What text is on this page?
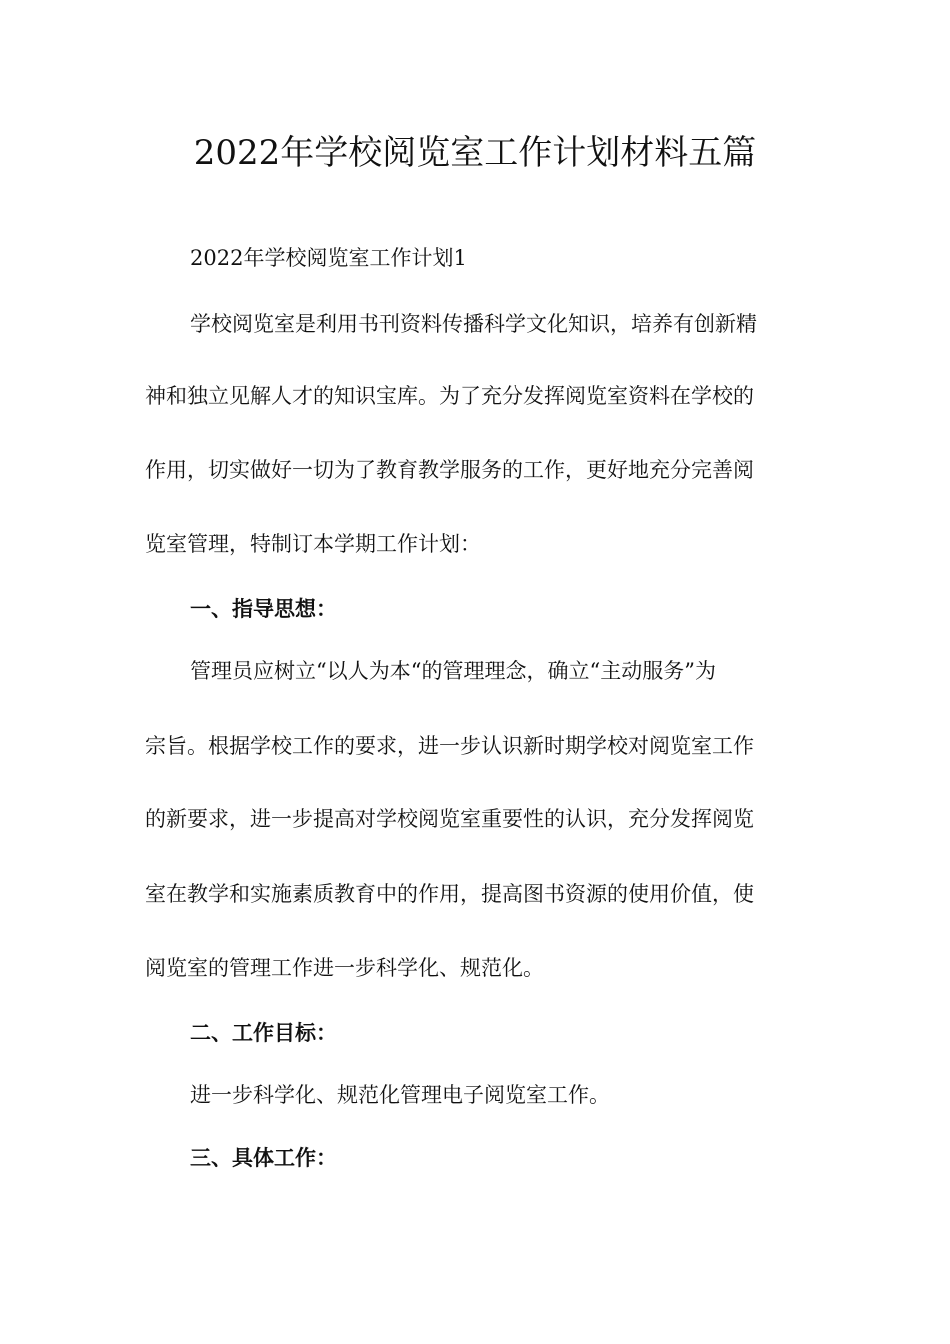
2022年学校阅览室工作计划材料五篇
2022年学校阅览室工作计划1
学校阅览室是利用书刊资料传播科学文化知识，培养有创新精
神和独立见解人才的知识宝库。为了充分发挥阅览室资料在学校的
作用，切实做好一切为了教育教学服务的工作，更好地充分完善阅
览室管理，特制订本学期工作计划：
一、指导思想：
管理员应树立“以人为本“的管理理念，确立“主动服务”为
宗旨。根据学校工作的要求，进一步认识新时期学校对阅览室工作
的新要求，进一步提高对学校阅览室重要性的认识，充分发挥阅览
室在教学和实施素质教育中的作用，提高图书资源的使用价值，使
阅览室的管理工作进一步科学化、规范化。
二、工作目标：
进一步科学化、规范化管理电子阅览室工作。
三、具体工作：
